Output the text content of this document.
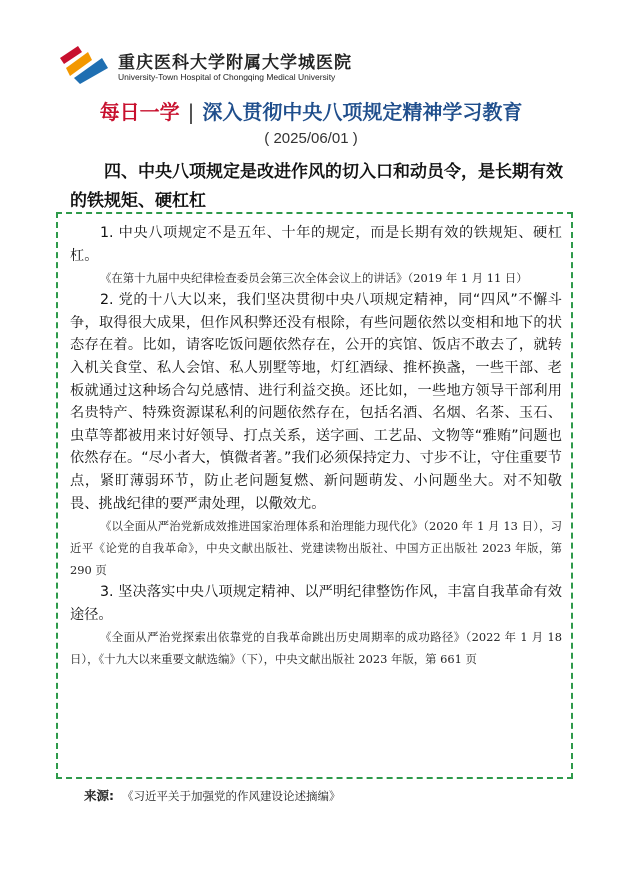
重庆医科大学附属大学城医院
University-Town Hospital of Chongqing Medical University
每日一学 | 深入贯彻中央八项规定精神学习教育
( 2025/06/01 )
四、中央八项规定是改进作风的切入口和动员令，是长期有效的铁规矩、硬杠杠

1. 中央八项规定不是五年、十年的规定，而是长期有效的铁规矩、硬杠杠。

《在第十九届中央纪律检查委员会第三次全体会议上的讲话》（2019 年 1 月 11 日）

2. 党的十八大以来，我们坚决贯彻中央八项规定精神，同“四风”不懈斗争，取得很大成果，但作风积弊还没有根除，有些问题依然以变相和地下的状态存在着。比如，请客吃饭问题依然存在，公开的宾馆、饭店不敢去了，就转入机关食堂、私人会馆、私人别墅等地，灯红酒绿、推杯换盏，一些干部、老板就通过这种场合勾兑感情、进行利益交换。还比如，一些地方领导干部利用名贵特产、特殊资源谋私利的问题依然存在，包括名酒、名烟、名茶、玉石、虫草等都被用来讨好领导、打点关系，送字画、工艺品、文物等“雅贿”问题也依然存在。“尽小者大，慎微者著。”我们必须保持定力、寸步不让，守住重要节点，紧盯薄弱环节，防止老问题复燃、新问题萌发、小问题坐大。对不知敬畏、挑战纪律的要严肃处理，以儆效尤。

《以全面从严治党新成效推进国家治理体系和治理能力现代化》（2020 年 1 月 13 日），习近平《论党的自我革命》，中央文献出版社、党建读物出版社、中国方正出版社 2023 年版，第 290 页

3. 坚决落实中央八项规定精神、以严明纪律整饬作风，丰富自我革命有效途径。

《全面从严治党探索出依靠党的自我革命跳出历史周期率的成功路径》（2022 年 1 月 18 日），《十九大以来重要文献选编》（下），中央文献出版社 2023 年版，第 661 页

来源: 《习近平关于加强党的作风建设论述摘编》
